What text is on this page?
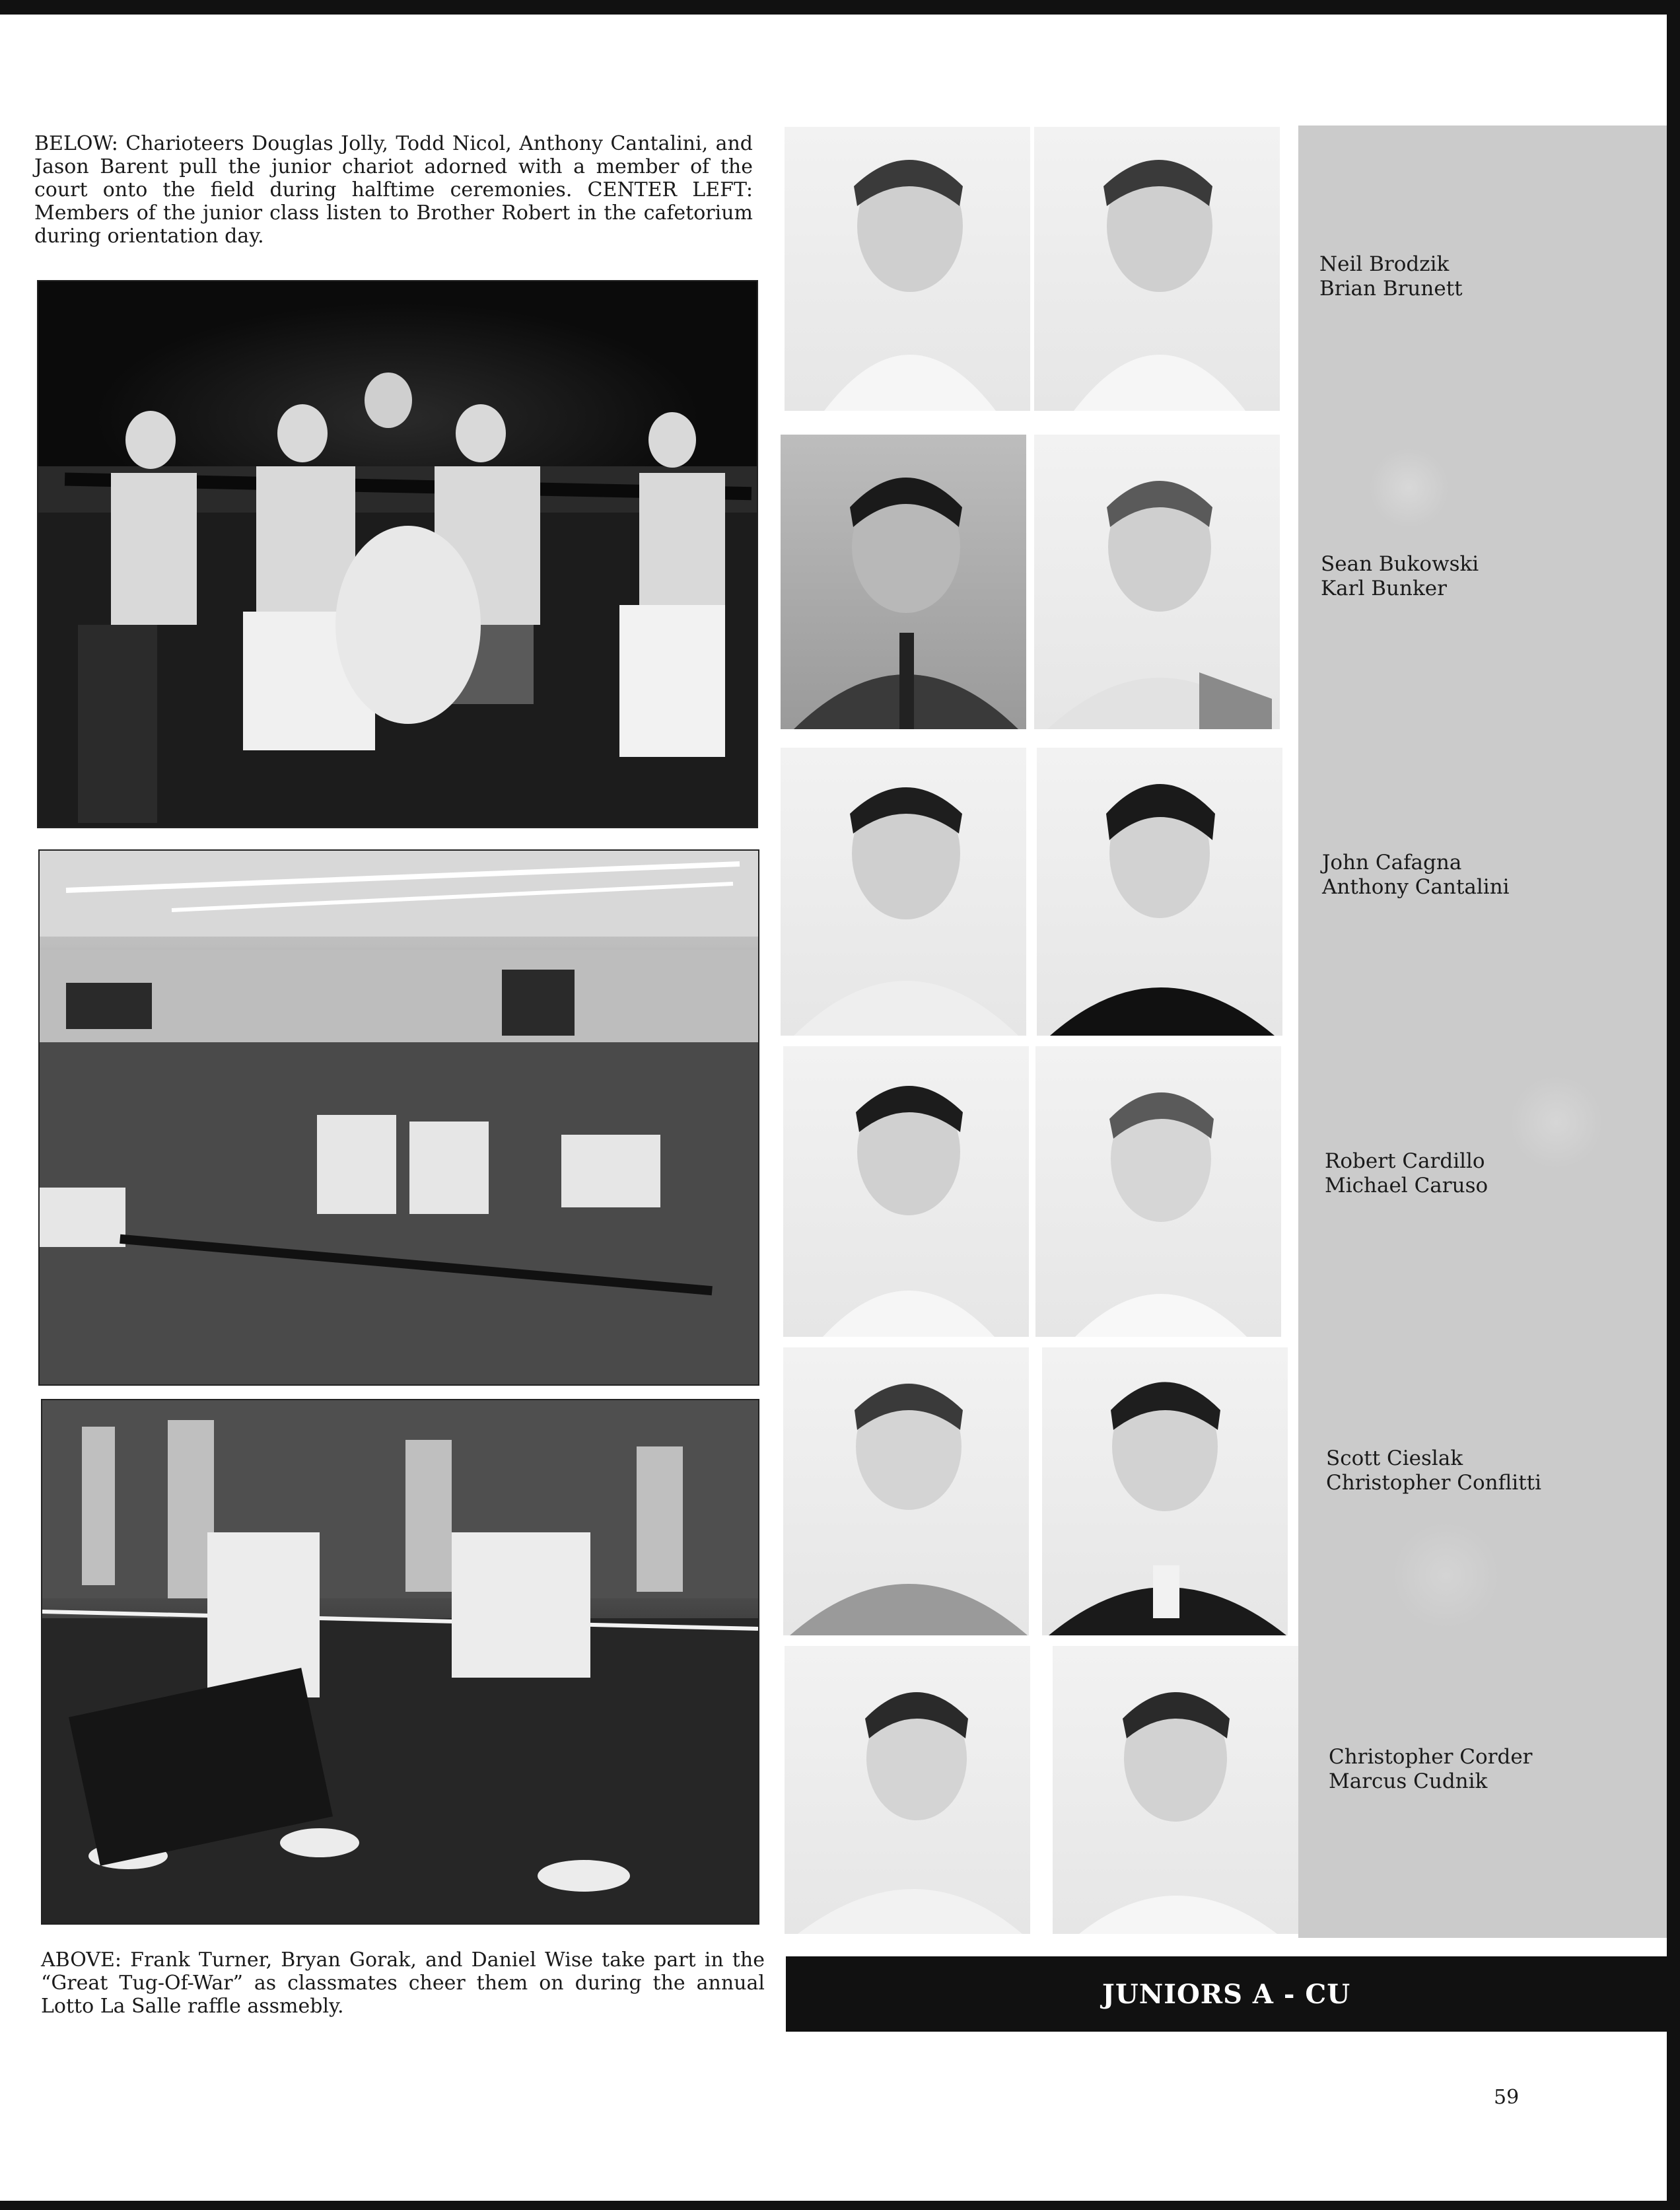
BELOW: Charioteers Douglas Jolly, Todd Nicol, Anthony Cantalini, and Jason Barent pull the junior chariot adorned with a member of the court onto the field during halftime ceremonies. CENTER LEFT: Members of the junior class listen to Brother Robert in the cafetorium during orientation day.
ABOVE: Frank Turner, Bryan Gorak, and Daniel Wise take part in the “Great Tug-Of-War” as classmates cheer them on during the annual Lotto La Salle raffle assmebly.
Neil Brodzik
Brian Brunett
Sean Bukowski
Karl Bunker
John Cafagna
Anthony Cantalini
Robert Cardillo
Michael Caruso
Scott Cieslak
Christopher Conflitti
Christopher Corder
Marcus Cudnik
JUNIORS A - CU
59
